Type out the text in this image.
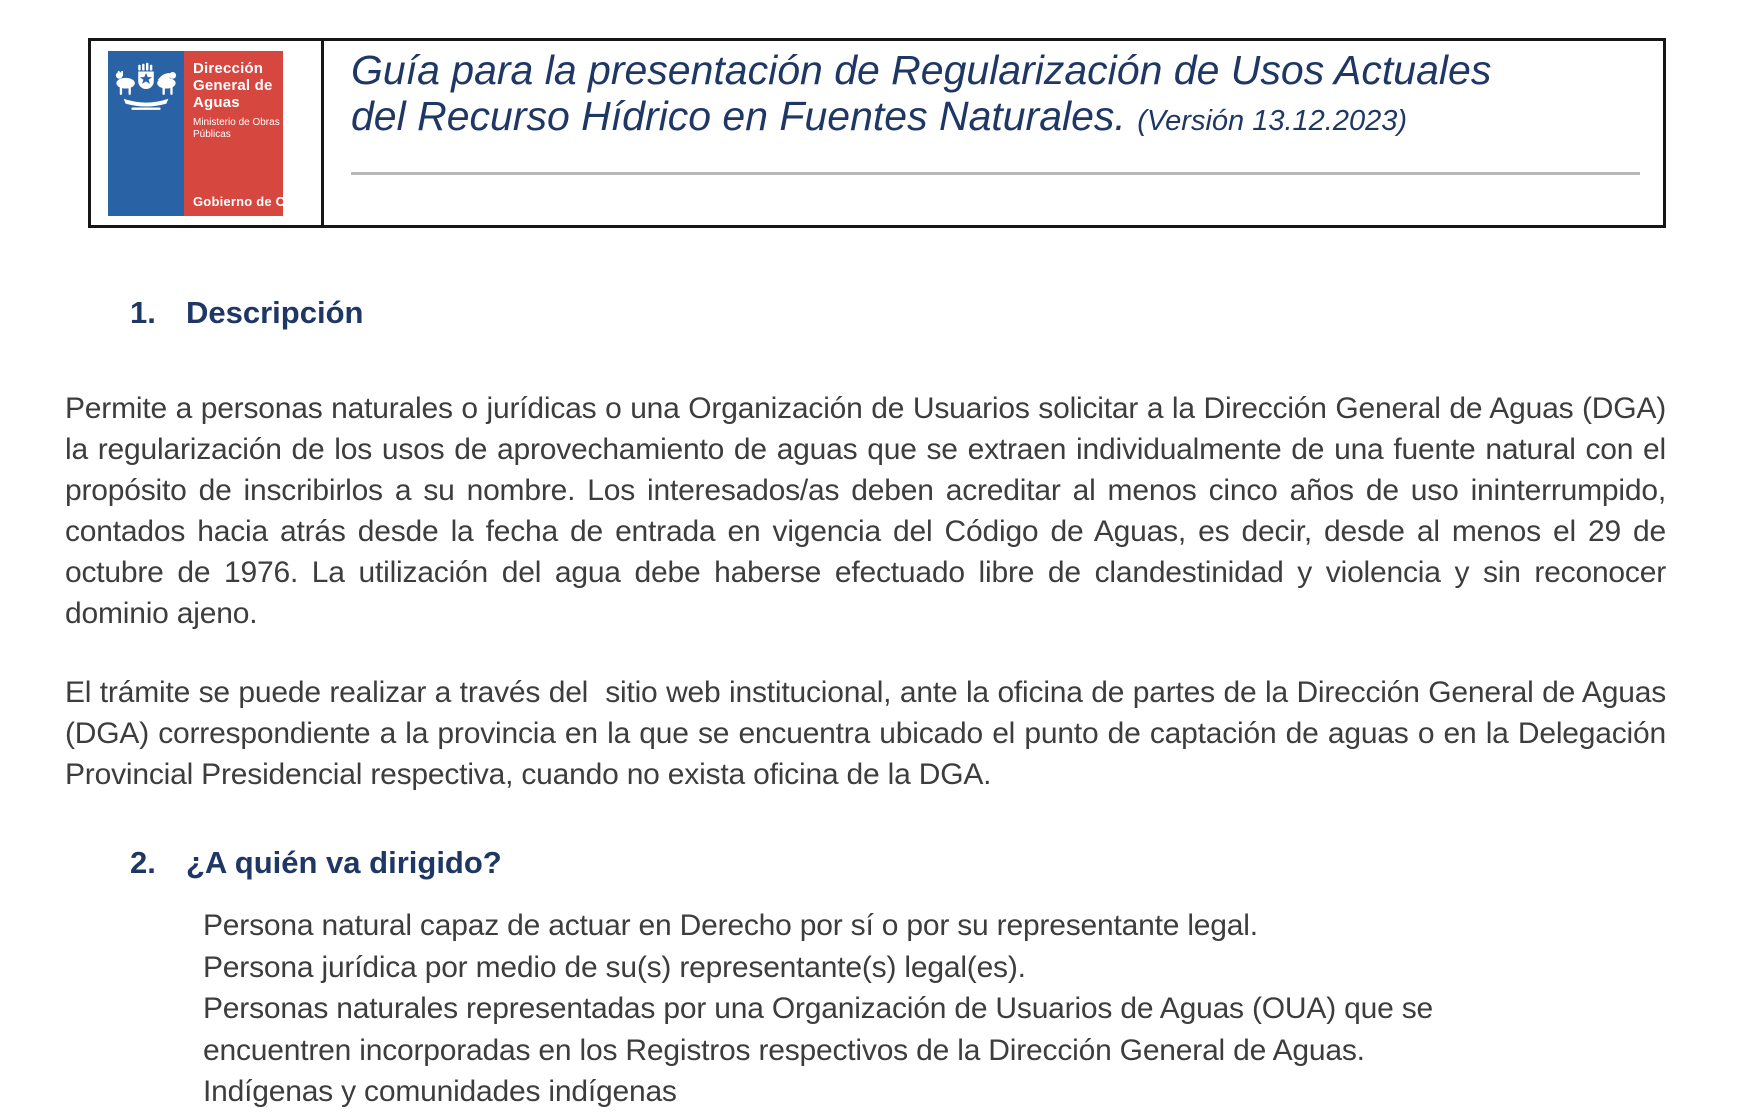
Dirección
General de
Aguas
Ministerio de Obras
Públicas
Gobierno de Chile
Guía para la presentación de Regularización de Usos Actuales
del Recurso Hídrico en Fuentes Naturales. (Versión 13.12.2023)
1. Descripción
Permite a personas naturales o jurídicas o una Organización de Usuarios solicitar a la Dirección General de Aguas (DGA) la regularización de los usos de aprovechamiento de aguas que se extraen individualmente de una fuente natural con el propósito de inscribirlos a su nombre. Los interesados/as deben acreditar al menos cinco años de uso ininterrumpido, contados hacia atrás desde la fecha de entrada en vigencia del Código de Aguas, es decir, desde al menos el 29 de octubre de 1976. La utilización del agua debe haberse efectuado libre de clandestinidad y violencia y sin reconocer dominio ajeno.
El trámite se puede realizar a través del  sitio web institucional, ante la oficina de partes de la Dirección General de Aguas (DGA) correspondiente a la provincia en la que se encuentra ubicado el punto de captación de aguas o en la Delegación Provincial Presidencial respectiva, cuando no exista oficina de la DGA.
2. ¿A quién va dirigido?
Persona natural capaz de actuar en Derecho por sí o por su representante legal.
Persona jurídica por medio de su(s) representante(s) legal(es).
Personas naturales representadas por una Organización de Usuarios de Aguas (OUA) que se encuentren incorporadas en los Registros respectivos de la Dirección General de Aguas.
Indígenas y comunidades indígenas
